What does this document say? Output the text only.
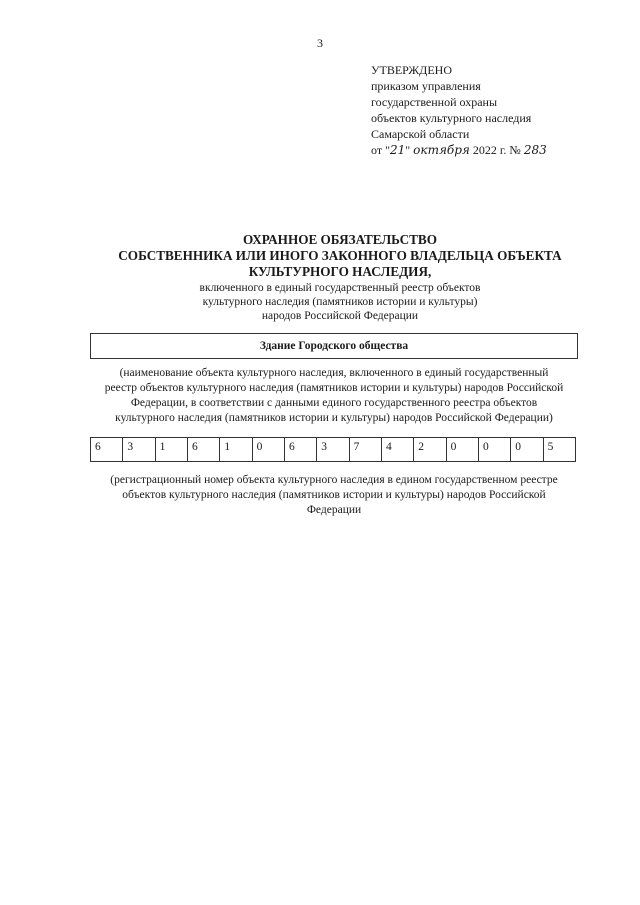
3
УТВЕРЖДЕНО
приказом управления
государственной охраны
объектов культурного наследия
Самарской области
от "21" октября 2022 г. № 283
ОХРАННОЕ ОБЯЗАТЕЛЬСТВО
СОБСТВЕННИКА ИЛИ ИНОГО ЗАКОННОГО ВЛАДЕЛЬЦА ОБЪЕКТА
КУЛЬТУРНОГО НАСЛЕДИЯ,
включенного в единый государственный реестр объектов
культурного наследия (памятников истории и культуры)
народов Российской Федерации
Здание Городского общества
(наименование объекта культурного наследия, включенного в единый государственный
реестр объектов культурного наследия (памятников истории и культуры) народов Российской
Федерации, в соответствии с данными единого государственного реестра объектов
культурного наследия (памятников истории и культуры) народов Российской Федерации)
6	3	1	6	1	0	6	3	7	4	2	0	0	0	5
(регистрационный номер объекта культурного наследия в едином государственном реестре
объектов культурного наследия (памятников истории и культуры) народов Российской
Федерации
